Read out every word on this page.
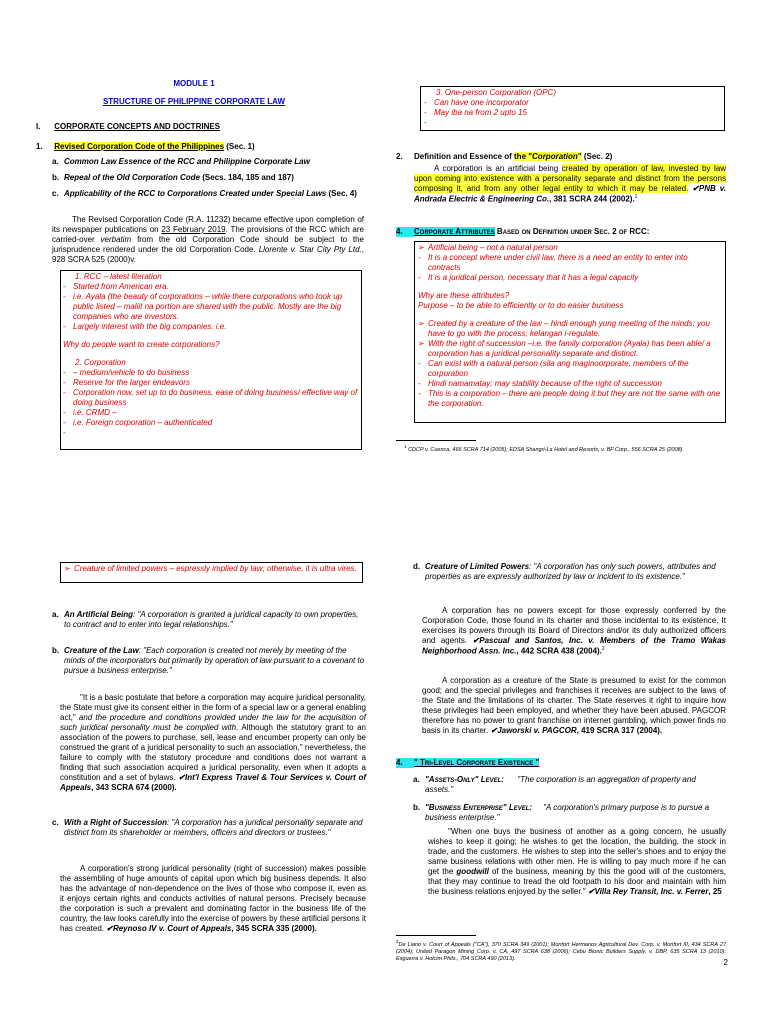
MODULE 1
STRUCTURE OF PHILIPPINE CORPORATE LAW
I. CORPORATE CONCEPTS AND DOCTRINES
1. Revised Corporation Code of the Philippines (Sec. 1)
a. Common Law Essence of the RCC and Philippine Corporate Law
b. Repeal of the Old Corporation Code (Secs. 184, 185 and 187)
c. Applicability of the RCC to Corporations Created under Special Laws (Sec. 4)
The Revised Corporation Code (R.A. 11232) became effective upon completion of its newspaper publications on 23 February 2019. The provisions of the RCC which are carried-over verbatim from the old Corporation Code should be subject to the jurisprudence rendered under the old Corporation Code. Llorente v. Star City Pty Ltd., 928 SCRA 525 (2000)v.
1. RCC – latest literation
- Started from American era.
- i.e. Ayala (the beauty of corporations – while there corporations who took up public listed – maliit na portion are shared with the public. Mostly are the big companies who are investors.
- Largely interest with the big companies. i.e.
Why do people want to create corporations?
2. Corporation
- – medium/vehicle to do business
- Reserve for the larger endeavors
- Corporation now, set up to do business, ease of doing business/ effective way of doing business
- i.e. CRMD –
- i.e. Foreign corporation – authenticated
3. One-person Corporation (OPC)
- Can have one incorporator
- May iba na from 2 upto 15
2. Definition and Essence of the "Corporation" (Sec. 2)
A corporation is an artificial being created by operation of law, invested by law upon coming into existence with a personality separate and distinct from the persons composing it, and from any other legal entity to which it may be related. ✔PNB v. Andrada Electric & Engineering Co., 381 SCRA 244 (2002).$^1$
4. Corporate Attributes Based on Definition under Sec. 2 of RCC:
➢ Artificial being – not a natural person
- It is a concept where under civil law, there is a need an entity to enter into contracts
- It is a juridical person, necessary that it has a legal capacity
Why are these attributes?
Purpose – to be able to efficiently or to do easier business
➢ Created by a creature of the law – hindi enough yung meeting of the minds; you have to go with the process; kelangan i-regulate.
➢ With the right of succession –i.e. the family corporation (Ayala) has been able/ a corporation has a juridical personality separate and distinct.
- Can exist with a natural person (sila ang maginoorporate, members of the corporation
- Hindi namamatay; may stability because of the right of succession
- This is a corporation – there are people doing it but they are not the same with one the corporation.
$^1$ CDCP v. Cuenca, 466 SCRA 714 (2005); EDSA Shangri-La Hotel and Resorts, v. BF Corp., 556 SCRA 25 (2008).
➢ Creature of limited powers – espressly implied by law; otherwise, it is ultra vires.
a. An Artificial Being: "A corporation is granted a juridical capacity to own properties, to contract and to enter into legal relationships."
b. Creature of the Law: "Each corporation is created not merely by meeting of the minds of the incorporators but primarily by operation of law pursuant to a covenant to pursue a business enterprise."
"It is a basic postulate that before a corporation may acquire juridical personality, the State must give its consent either in the form of a special law or a general enabling act," and the procedure and conditions provided under the law for the acquisition of such juridical personality must be complied with. Although the statutory grant to an association of the powers to purchase, sell, lease and encumber property can only be construed the grant of a juridical personality to such an association," nevertheless, the failure to comply with the statutory procedure and conditions does not warrant a finding that such association acquired a juridical personality, even when it adopts a constitution and a set of bylaws. ✔Int'l Express Travel & Tour Services v. Court of Appeals, 343 SCRA 674 (2000).
c. With a Right of Succession: "A corporation has a juridical personality separate and distinct from its shareholder or members, officers and directors or trustees."
A corporation's strong juridical personality (right of succession) makes possible the assembling of huge amounts of capital upon which big business depends. It also has the advantage of non-dependence on the lives of those who compose it, even as it enjoys certain rights and conducts activities of natural persons. Precisely because the corporation is such a prevalent and dominating factor in the business life of the country, the law looks carefully into the exercise of powers by these artificial persons it has created. ✔Reynoso IV v. Court of Appeals, 345 SCRA 335 (2000).
d. Creature of Limited Powers: "A corporation has only such powers, attributes and properties as are expressly authorized by law or incident to its existence."
A corporation has no powers except for those expressly conferred by the Corporation Code, those found in its charter and those incidental to its existence. It exercises its powers through its Board of Directors and/or its duly authorized officers and agents. ✔Pascual and Santos, Inc. v. Members of the Tramo Wakas Neighborhood Assn. Inc., 442 SCRA 438 (2004).$^2$
A corporation as a creature of the State is presumed to exist for the common good; and the special privileges and franchises it receives are subject to the laws of the State and the limitations of its charter. The State reserves it right to inquire how these privileges had been employed, and whether they have been abused. PAGCOR therefore has no power to grant franchise on internet gambling, which power finds no basis in its charter. ✔Jaworski v. PAGCOR, 419 SCRA 317 (2004).
4. " Tri-Level Corporate Existence "
a. "Assets-Only" Level: "The corporation is an aggregation of property and assets."
b. "Business Enterprise" Level: "A corporation's primary purpose is to pursue a business enterprise."
"When one buys the business of another as a going concern, he usually wishes to keep it going; he wishes to get the location, the building, the stock in trade, and the customers. He wishes to step into the seller's shoes and to enjoy the same business relations with other men. He is willing to pay much more if he can get the goodwill of the business, meaning by this the good will of the customers, that they may continue to tread the old footpath to his door and maintain with him the business relations enjoyed by the seller." ✔Villa Rey Transit, Inc. v. Ferrer, 25
$^2$De Liano v. Court of Appeals ("CA"), 370 SCRA 349 (2001); Monfort Hermanos Agricultural Dev. Corp. v. Monfort III, 434 SCRA 27 (2004); United Paragon Mining Corp. v. CA, 497 SCRA 638 (2006); Cebu Bionic Builders Supply, v. DBP, 635 SCRA 13 (2010); Esguerra v. Holcim Phils., 704 SCRA 490 (2013).	2
